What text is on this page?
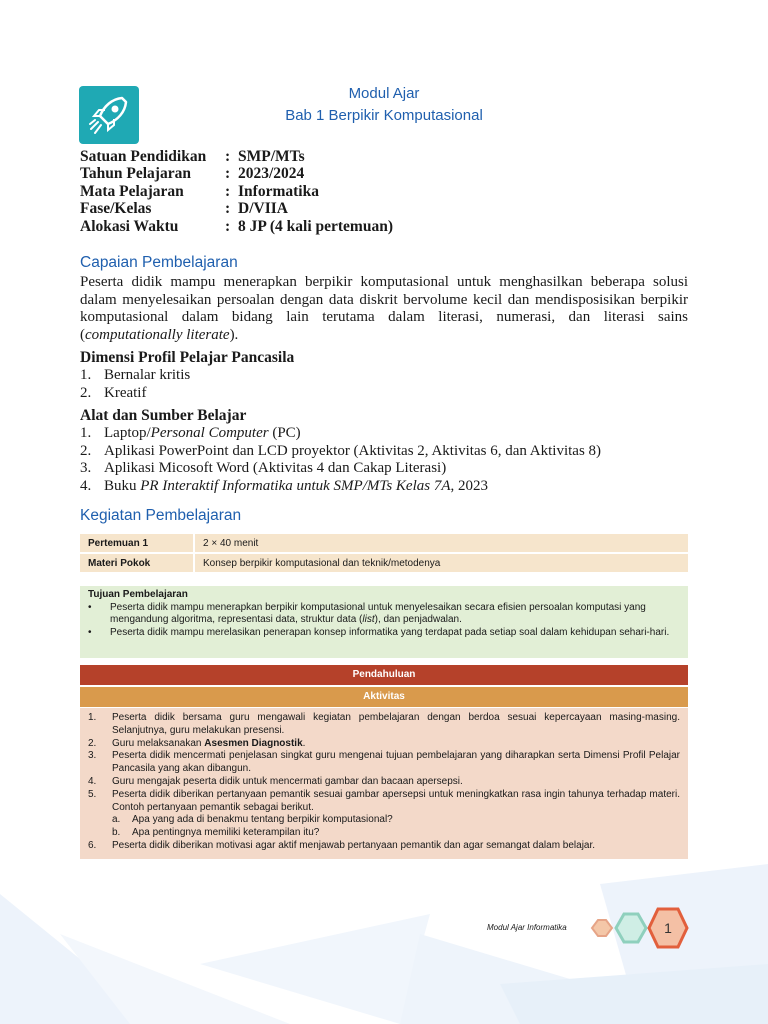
Modul Ajar
Bab 1 Berpikir Komputasional
Satuan Pendidikan	: SMP/MTs
Tahun Pelajaran	: 2023/2024
Mata Pelajaran	: Informatika
Fase/Kelas	: D/VIIA
Alokasi Waktu	: 8 JP (4 kali pertemuan)
Capaian Pembelajaran
Peserta didik mampu menerapkan berpikir komputasional untuk menghasilkan beberapa solusi dalam menyelesaikan persoalan dengan data diskrit bervolume kecil dan mendisposisikan berpikir komputasional dalam bidang lain terutama dalam literasi, numerasi, dan literasi sains (computationally literate).
Dimensi Profil Pelajar Pancasila
1. Bernalar kritis
2. Kreatif
Alat dan Sumber Belajar
1. Laptop/Personal Computer (PC)
2. Aplikasi PowerPoint dan LCD proyektor (Aktivitas 2, Aktivitas 6, dan Aktivitas 8)
3. Aplikasi Micosoft Word (Aktivitas 4 dan Cakap Literasi)
4. Buku PR Interaktif Informatika untuk SMP/MTs Kelas 7A, 2023
Kegiatan Pembelajaran
Pertemuan 1	2 × 40 menit
Materi Pokok	Konsep berpikir komputasional dan teknik/metodenya
Tujuan Pembelajaran
•	Peserta didik mampu menerapkan berpikir komputasional untuk menyelesaikan secara efisien persoalan komputasi yang mengandung algoritma, representasi data, struktur data (list), dan penjadwalan.
•	Peserta didik mampu merelasikan penerapan konsep informatika yang terdapat pada setiap soal dalam kehidupan sehari-hari.
Pendahuluan
Aktivitas
1.	Peserta didik bersama guru mengawali kegiatan pembelajaran dengan berdoa sesuai kepercayaan masing-masing. Selanjutnya, guru melakukan presensi.
2.	Guru melaksanakan Asesmen Diagnostik.
3.	Peserta didik mencermati penjelasan singkat guru mengenai tujuan pembelajaran yang diharapkan serta Dimensi Profil Pelajar Pancasila yang akan dibangun.
4.	Guru mengajak peserta didik untuk mencermati gambar dan bacaan apersepsi.
5.	Peserta didik diberikan pertanyaan pemantik sesuai gambar apersepsi untuk meningkatkan rasa ingin tahunya terhadap materi. Contoh pertanyaan pemantik sebagai berikut.
a.	Apa yang ada di benakmu tentang berpikir komputasional?
b.	Apa pentingnya memiliki keterampilan itu?
6.	Peserta didik diberikan motivasi agar aktif menjawab pertanyaan pemantik dan agar semangat dalam belajar.
Modul Ajar Informatika	1
